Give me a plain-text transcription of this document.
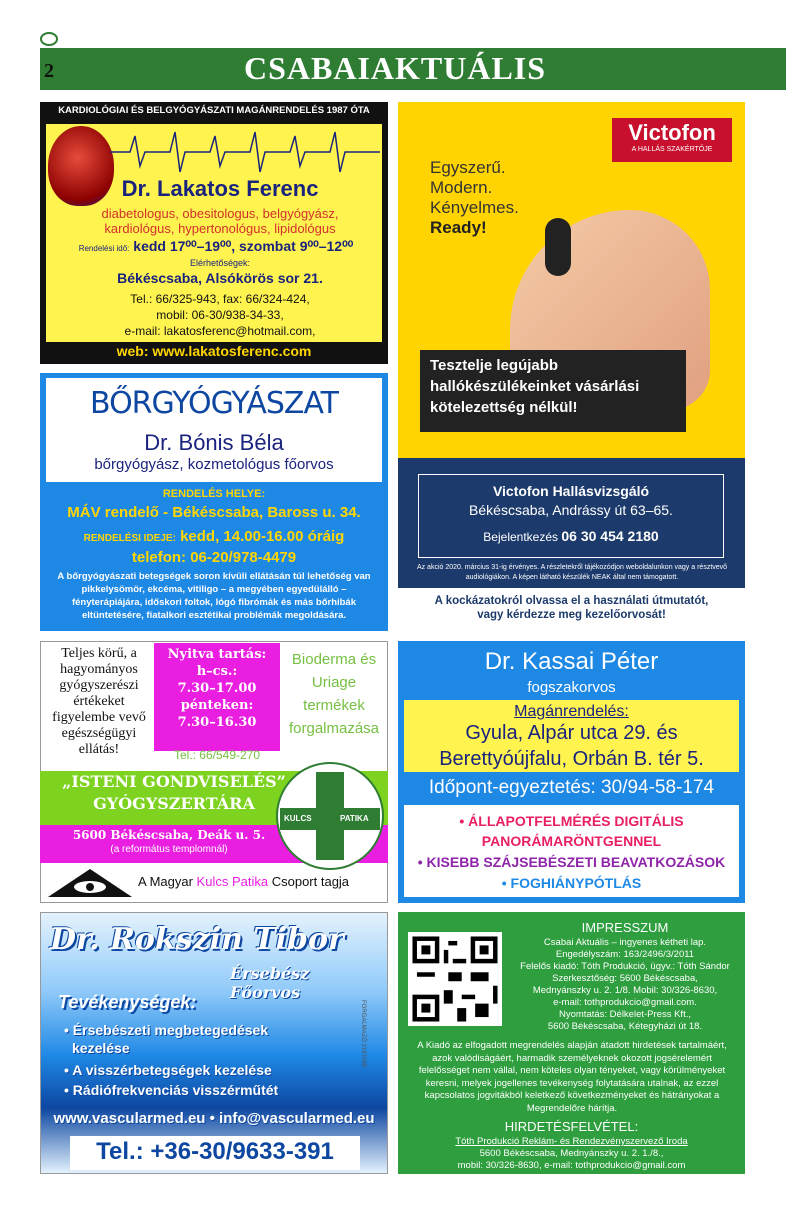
2	CSABAIAKTUÁLIS
KARDIOLÓGIAI ÉS BELGYÓGYÁSZATI MAGÁNRENDELÉS 1987 ÓTA
Dr. Lakatos Ferenc
diabetologus, obesitologus, belgyógyász,
kardiológus, hypertonológus, lipidológus
Rendelési idő: kedd 17⁰⁰–19⁰⁰, szombat 9⁰⁰–12⁰⁰
Elérhetőségek:
Békéscsaba, Alsókörös sor 21.
Tel.: 66/325-943, fax: 66/324-424,
mobil: 06-30/938-34-33,
e-mail: lakatosferenc@hotmail.com,
web: www.lakatosferenc.com
BŐRGYÓGYÁSZAT
Dr. Bónis Béla
bőrgyógyász, kozmetológus főorvos
RENDELÉS HELYE:
MÁV rendelő - Békéscsaba, Baross u. 34.
RENDELÉSI IDEJE: kedd, 14.00-16.00 óráig
telefon: 06-20/978-4479
A bőrgyógyászati betegségek soron kívüli ellátásán túl lehetőség van pikkelysömör, ekcéma, vitiligo – a megyében egyedülálló – fényterápiájára, időskori foltok, lógó fibrómák és más bőrhibák eltüntetésére, fiatalkori esztétikai problémák megoldására.
Teljes körű, a hagyományos gyógyszerészi értékeket figyelembe vevő egészségügyi ellátás!
Nyitva tartás:
h–cs.:
7.30–17.00
pénteken:
7.30–16.30
Tel.: 66/549-270
Bioderma és Uriage termékek forgalmazása
„ISTENI GONDVISELÉS”
GYÓGYSZERTÁRA
5600 Békéscsaba, Deák u. 5.
(a református templomnál)
KULCS	PATIKA
A Magyar Kulcs Patika Csoport tagja
Dr. Rokszin Tibor
Érsebész Főorvos
Tevékenységek:
• Érsebészeti megbetegedések
kezelése
• A visszérbetegségek kezelése
• Rádiófrekvenciás visszérműtét
FORGALMAZÓ 2167085
www.vascularmed.eu • info@vascularmed.eu
Tel.: +36-30/9633-391
Victofon
A HALLÁS SZAKÉRTŐJE
Egyszerű.
Modern.
Kényelmes.
Ready!
Tesztelje legújabb
hallókészülékeinket vásárlási
kötelezettség nélkül!
Victofon Hallásvizsgáló
Békéscsaba, Andrássy út 63–65.
Bejelentkezés 06 30 454 2180
Az akció 2020. március 31-ig érvényes. A részletekről tájékozódjon weboldalunkon vagy a résztvevő audiológiákon. A képen látható készülék NEAK által nem támogatott.
A kockázatokról olvassa el a használati útmutatót,
vagy kérdezze meg kezelőorvosát!
Dr. Kassai Péter
fogszakorvos
Magánrendelés:
Gyula, Alpár utca 29. és
Berettyóújfalu, Orbán B. tér 5.
Időpont-egyeztetés: 30/94-58-174
• ÁLLAPOTFELMÉRÉS DIGITÁLIS
PANORÁMARÖNTGENNEL
• KISEBB SZÁJSEBÉSZETI BEAVATKOZÁSOK
• FOGHIÁNYPÓTLÁS
IMPRESSZUM
Csabai Aktuális – ingyenes kétheti lap.
Engedélyszám: 163/2496/3/2011
Felelős kiadó: Tóth Produkció, ügyv.: Tóth Sándor
Szerkesztőség: 5600 Békéscsaba,
Mednyánszky u. 2. 1/8. Mobil: 30/326-8630,
e-mail: tothprodukcio@gmail.com.
Nyomtatás: Délkelet-Press Kft.,
5600 Békéscsaba, Kétegyházi út 18.
A Kiadó az elfogadott megrendelés alapján átadott hirdetések tartalmáért, azok valódiságáért, harmadik személyeknek okozott jogsérelemért felelősséget nem vállal, nem köteles olyan tényeket, vagy körülményeket keresni, melyek jogellenes tevékenység folytatására utalnak, az ezzel kapcsolatos jogvitákból keletkező következményeket és hátrányokat a Megrendelőre hárítja.
HIRDETÉSFELVÉTEL:
Tóth Produkció Reklám- és Rendezvényszervező Iroda
5600 Békéscsaba, Mednyánszky u. 2. 1./8.,
mobil: 30/326-8630, e-mail: tothprodukcio@gmail.com
